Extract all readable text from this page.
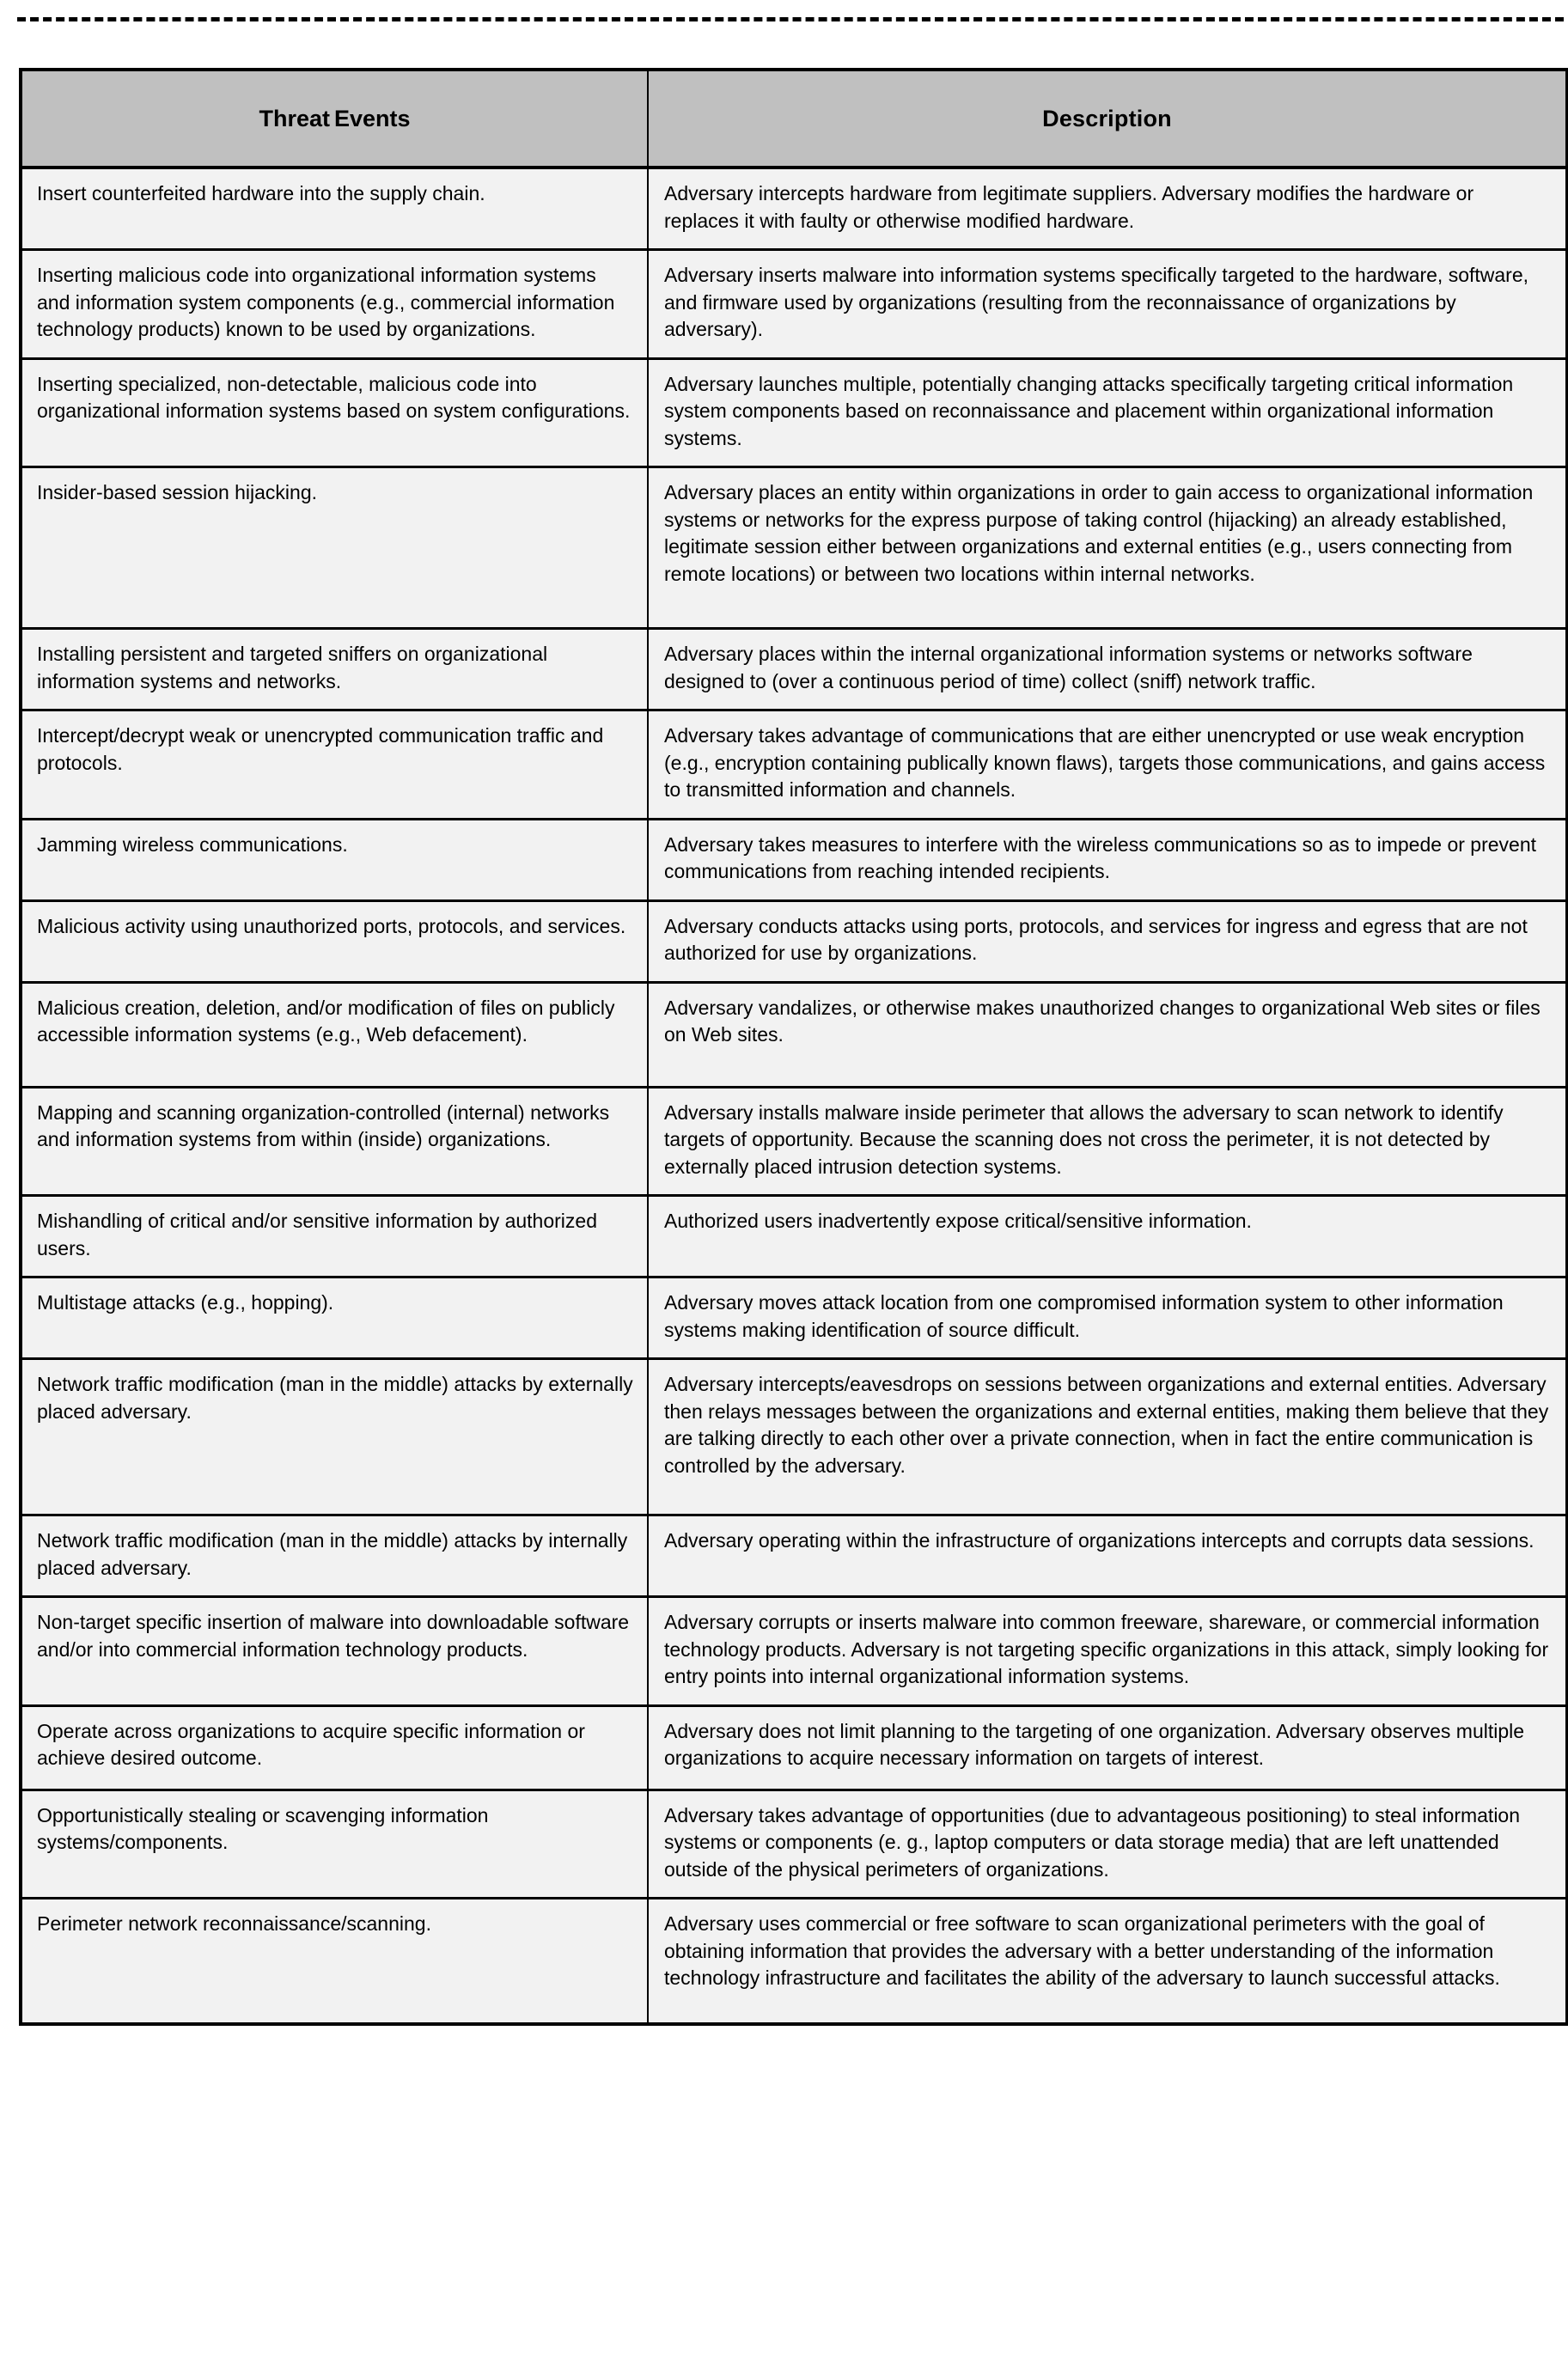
Threat Events	Description
Insert counterfeited hardware into the supply chain.	Adversary intercepts hardware from legitimate suppliers. Adversary modifies the hardware or replaces it with faulty or otherwise modified hardware.
Inserting malicious code into organizational information systems and information system components (e.g., commercial information technology products) known to be used by organizations.	Adversary inserts malware into information systems specifically targeted to the hardware, software, and firmware used by organizations (resulting from the reconnaissance of organizations by adversary).
Inserting specialized, non-detectable, malicious code into organizational information systems based on system configurations.	Adversary launches multiple, potentially changing attacks specifically targeting critical information system components based on reconnaissance and placement within organizational information systems.
Insider-based session hijacking.	Adversary places an entity within organizations in order to gain access to organizational information systems or networks for the express purpose of taking control (hijacking) an already established, legitimate session either between organizations and external entities (e.g., users connecting from remote locations) or between two locations within internal networks.
Installing persistent and targeted sniffers on organizational information systems and networks.	Adversary places within the internal organizational information systems or networks software designed to (over a continuous period of time) collect (sniff) network traffic.
Intercept/decrypt weak or unencrypted communication traffic and protocols.	Adversary takes advantage of communications that are either unencrypted or use weak encryption (e.g., encryption containing publically known flaws), targets those communications, and gains access to transmitted information and channels.
Jamming wireless communications.	Adversary takes measures to interfere with the wireless communications so as to impede or prevent communications from reaching intended recipients.
Malicious activity using unauthorized ports, protocols, and services.	Adversary conducts attacks using ports, protocols, and services for ingress and egress that are not authorized for use by organizations.
Malicious creation, deletion, and/or modification of files on publicly accessible information systems (e.g., Web defacement).	Adversary vandalizes, or otherwise makes unauthorized changes to organizational Web sites or files on Web sites.
Mapping and scanning organization-controlled (internal) networks and information systems from within (inside) organizations.	Adversary installs malware inside perimeter that allows the adversary to scan network to identify targets of opportunity. Because the scanning does not cross the perimeter, it is not detected by externally placed intrusion detection systems.
Mishandling of critical and/or sensitive information by authorized users.	Authorized users inadvertently expose critical/sensitive information.
Multistage attacks (e.g., hopping).	Adversary moves attack location from one compromised information system to other information systems making identification of source difficult.
Network traffic modification (man in the middle) attacks by externally placed adversary.	Adversary intercepts/eavesdrops on sessions between organizations and external entities. Adversary then relays messages between the organizations and external entities, making them believe that they are talking directly to each other over a private connection, when in fact the entire communication is controlled by the adversary.
Network traffic modification (man in the middle) attacks by internally placed adversary.	Adversary operating within the infrastructure of organizations intercepts and corrupts data sessions.
Non-target specific insertion of malware into downloadable software and/or into commercial information technology products.	Adversary corrupts or inserts malware into common freeware, shareware, or commercial information technology products. Adversary is not targeting specific organizations in this attack, simply looking for entry points into internal organizational information systems.
Operate across organizations to acquire specific information or achieve desired outcome.	Adversary does not limit planning to the targeting of one organization. Adversary observes multiple organizations to acquire necessary information on targets of interest.
Opportunistically stealing or scavenging information systems/components.	Adversary takes advantage of opportunities (due to advantageous positioning) to steal information systems or components (e. g., laptop computers or data storage media) that are left unattended outside of the physical perimeters of organizations.
Perimeter network reconnaissance/scanning.	Adversary uses commercial or free software to scan organizational perimeters with the goal of obtaining information that provides the adversary with a better understanding of the information technology infrastructure and facilitates the ability of the adversary to launch successful attacks.
